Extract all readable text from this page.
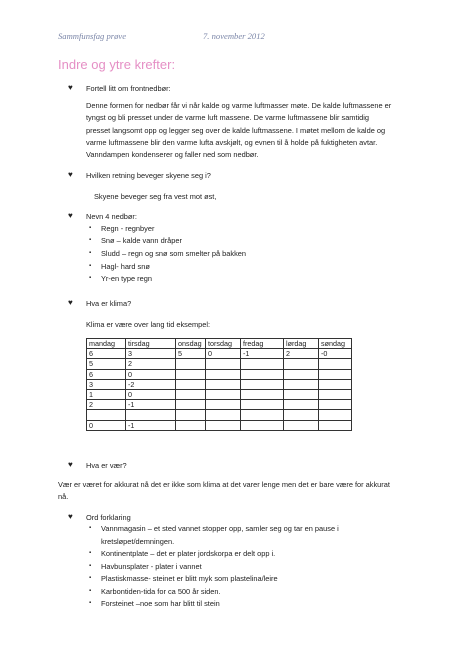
Sammfunsfag prøve	7. november 2012
Indre og ytre krefter:
♥ Fortell litt om frontnedbør:
Denne formen for nedbør får vi når kalde og varme luftmasser møte. De kalde luftmassene er
tyngst og bli presset under de varme luft massene. De varme luftmassene blir samtidig
presset langsomt opp og legger seg over de kalde luftmassene. I møtet mellom de kalde og
varme luftmassene blir den varme lufta avskjølt, og evnen til å holde på fuktigheten avtar.
Vanndampen kondenserer og faller ned som nedbør.
♥ Hvilken retning beveger skyene seg i?
Skyene beveger seg fra vest mot øst,
♥ Nevn 4 nedbør:
▪ Regn - regnbyer
▪ Snø – kalde vann dråper
▪ Sludd – regn og snø som smelter på bakken
▪ Hagl- hard snø
▪ Yr-en type regn
♥ Hva er klima?
Klima er være over lang tid eksempel:
mandag	tirsdag	onsdag	torsdag	fredag	lørdag	søndag
6	3	5	0	-1	2	-0
5	2					
6	0					
3	-2					
1	0					
2	-1					

0	-1					
♥ Hva er vær?
Vær er været for akkurat nå det er ikke som klima at det varer lenge men det er bare være for akkurat
nå.
♥ Ord forklaring
▪ Vannmagasin – et sted vannet stopper opp, samler seg og tar en pause i
kretsløpet/demningen.
▪ Kontinentplate – det er plater jordskorpa er delt opp i.
▪ Havbunsplater - plater i vannet
▪ Plastiskmasse- steinet er blitt myk som plastelina/leire
▪ Karbontiden-tida for ca 500 år siden.
▪ Forsteinet –noe som har blitt til stein
